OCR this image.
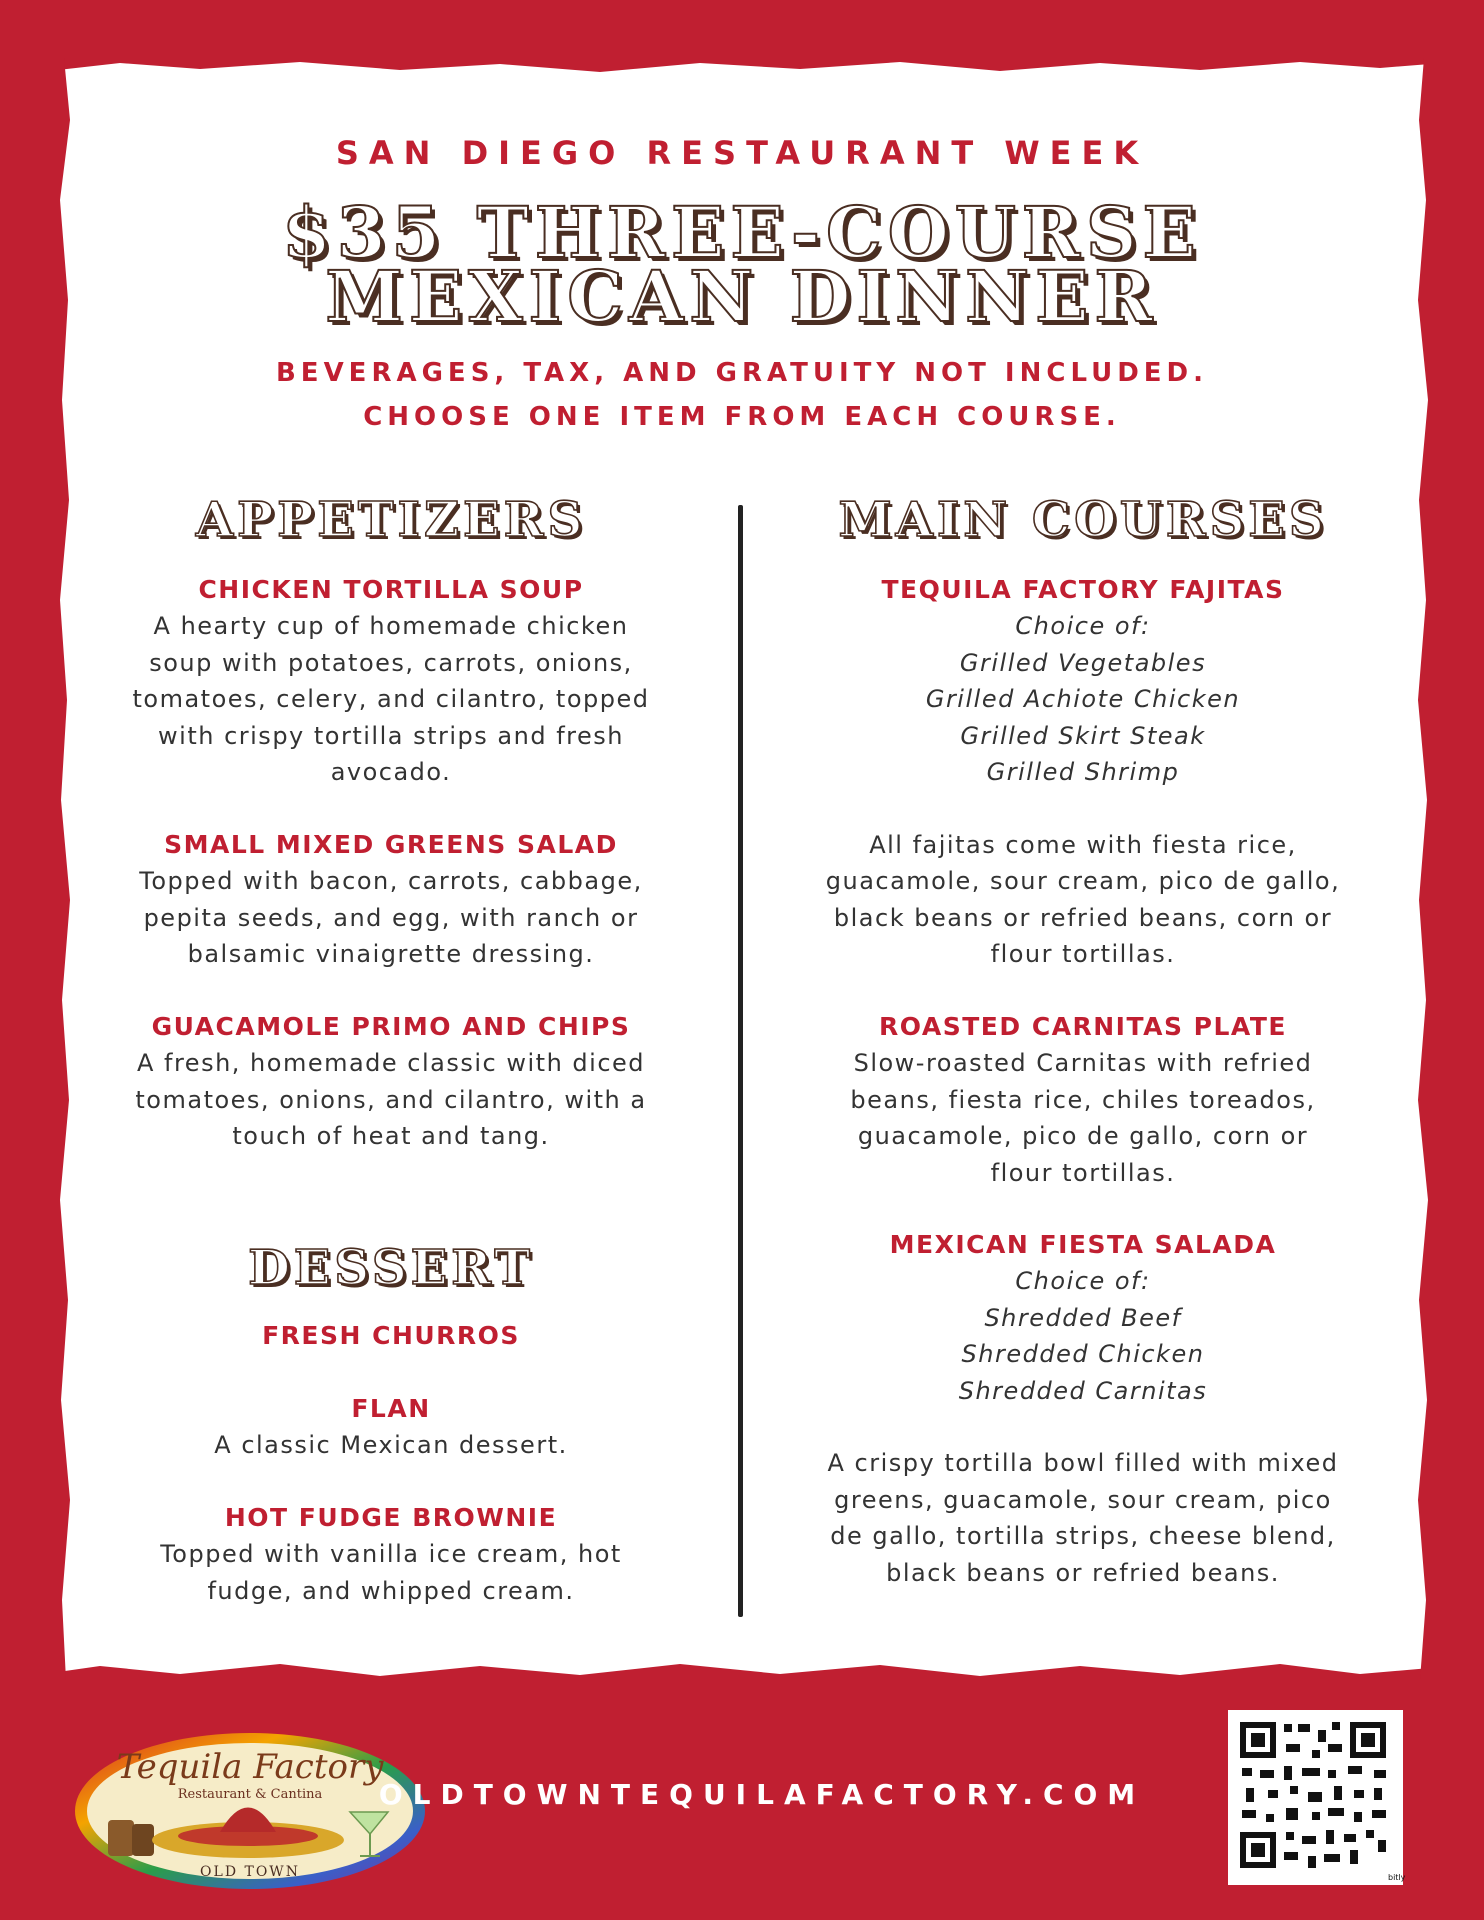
SAN DIEGO RESTAURANT WEEK
$35 THREE-COURSE
MEXICAN DINNER
BEVERAGES, TAX, AND GRATUITY NOT INCLUDED.
CHOOSE ONE ITEM FROM EACH COURSE.
APPETIZERS
CHICKEN TORTILLA SOUP
A hearty cup of homemade chicken
soup with potatoes, carrots, onions,
tomatoes, celery, and cilantro, topped
with crispy tortilla strips and fresh
avocado.
SMALL MIXED GREENS SALAD
Topped with bacon, carrots, cabbage,
pepita seeds, and egg, with ranch or
balsamic vinaigrette dressing.
GUACAMOLE PRIMO AND CHIPS
A fresh, homemade classic with diced
tomatoes, onions, and cilantro, with a
touch of heat and tang.
DESSERT
FRESH CHURROS
FLAN
A classic Mexican dessert.
HOT FUDGE BROWNIE
Topped with vanilla ice cream, hot
fudge, and whipped cream.
MAIN COURSES
TEQUILA FACTORY FAJITAS
Choice of:
Grilled Vegetables
Grilled Achiote Chicken
Grilled Skirt Steak
Grilled Shrimp
All fajitas come with fiesta rice,
guacamole, sour cream, pico de gallo,
black beans or refried beans, corn or
flour tortillas.
ROASTED CARNITAS PLATE
Slow-roasted Carnitas with refried
beans, fiesta rice, chiles toreados,
guacamole, pico de gallo, corn or
flour tortillas.
MEXICAN FIESTA SALADA
Choice of:
Shredded Beef
Shredded Chicken
Shredded Carnitas
A crispy tortilla bowl filled with mixed
greens, guacamole, sour cream, pico
de gallo, tortilla strips, cheese blend,
black beans or refried beans.
Tequila Factory
Restaurant & Cantina
OLD TOWN
OLDTOWNTEQUILAFACTORY.COM
bitly
